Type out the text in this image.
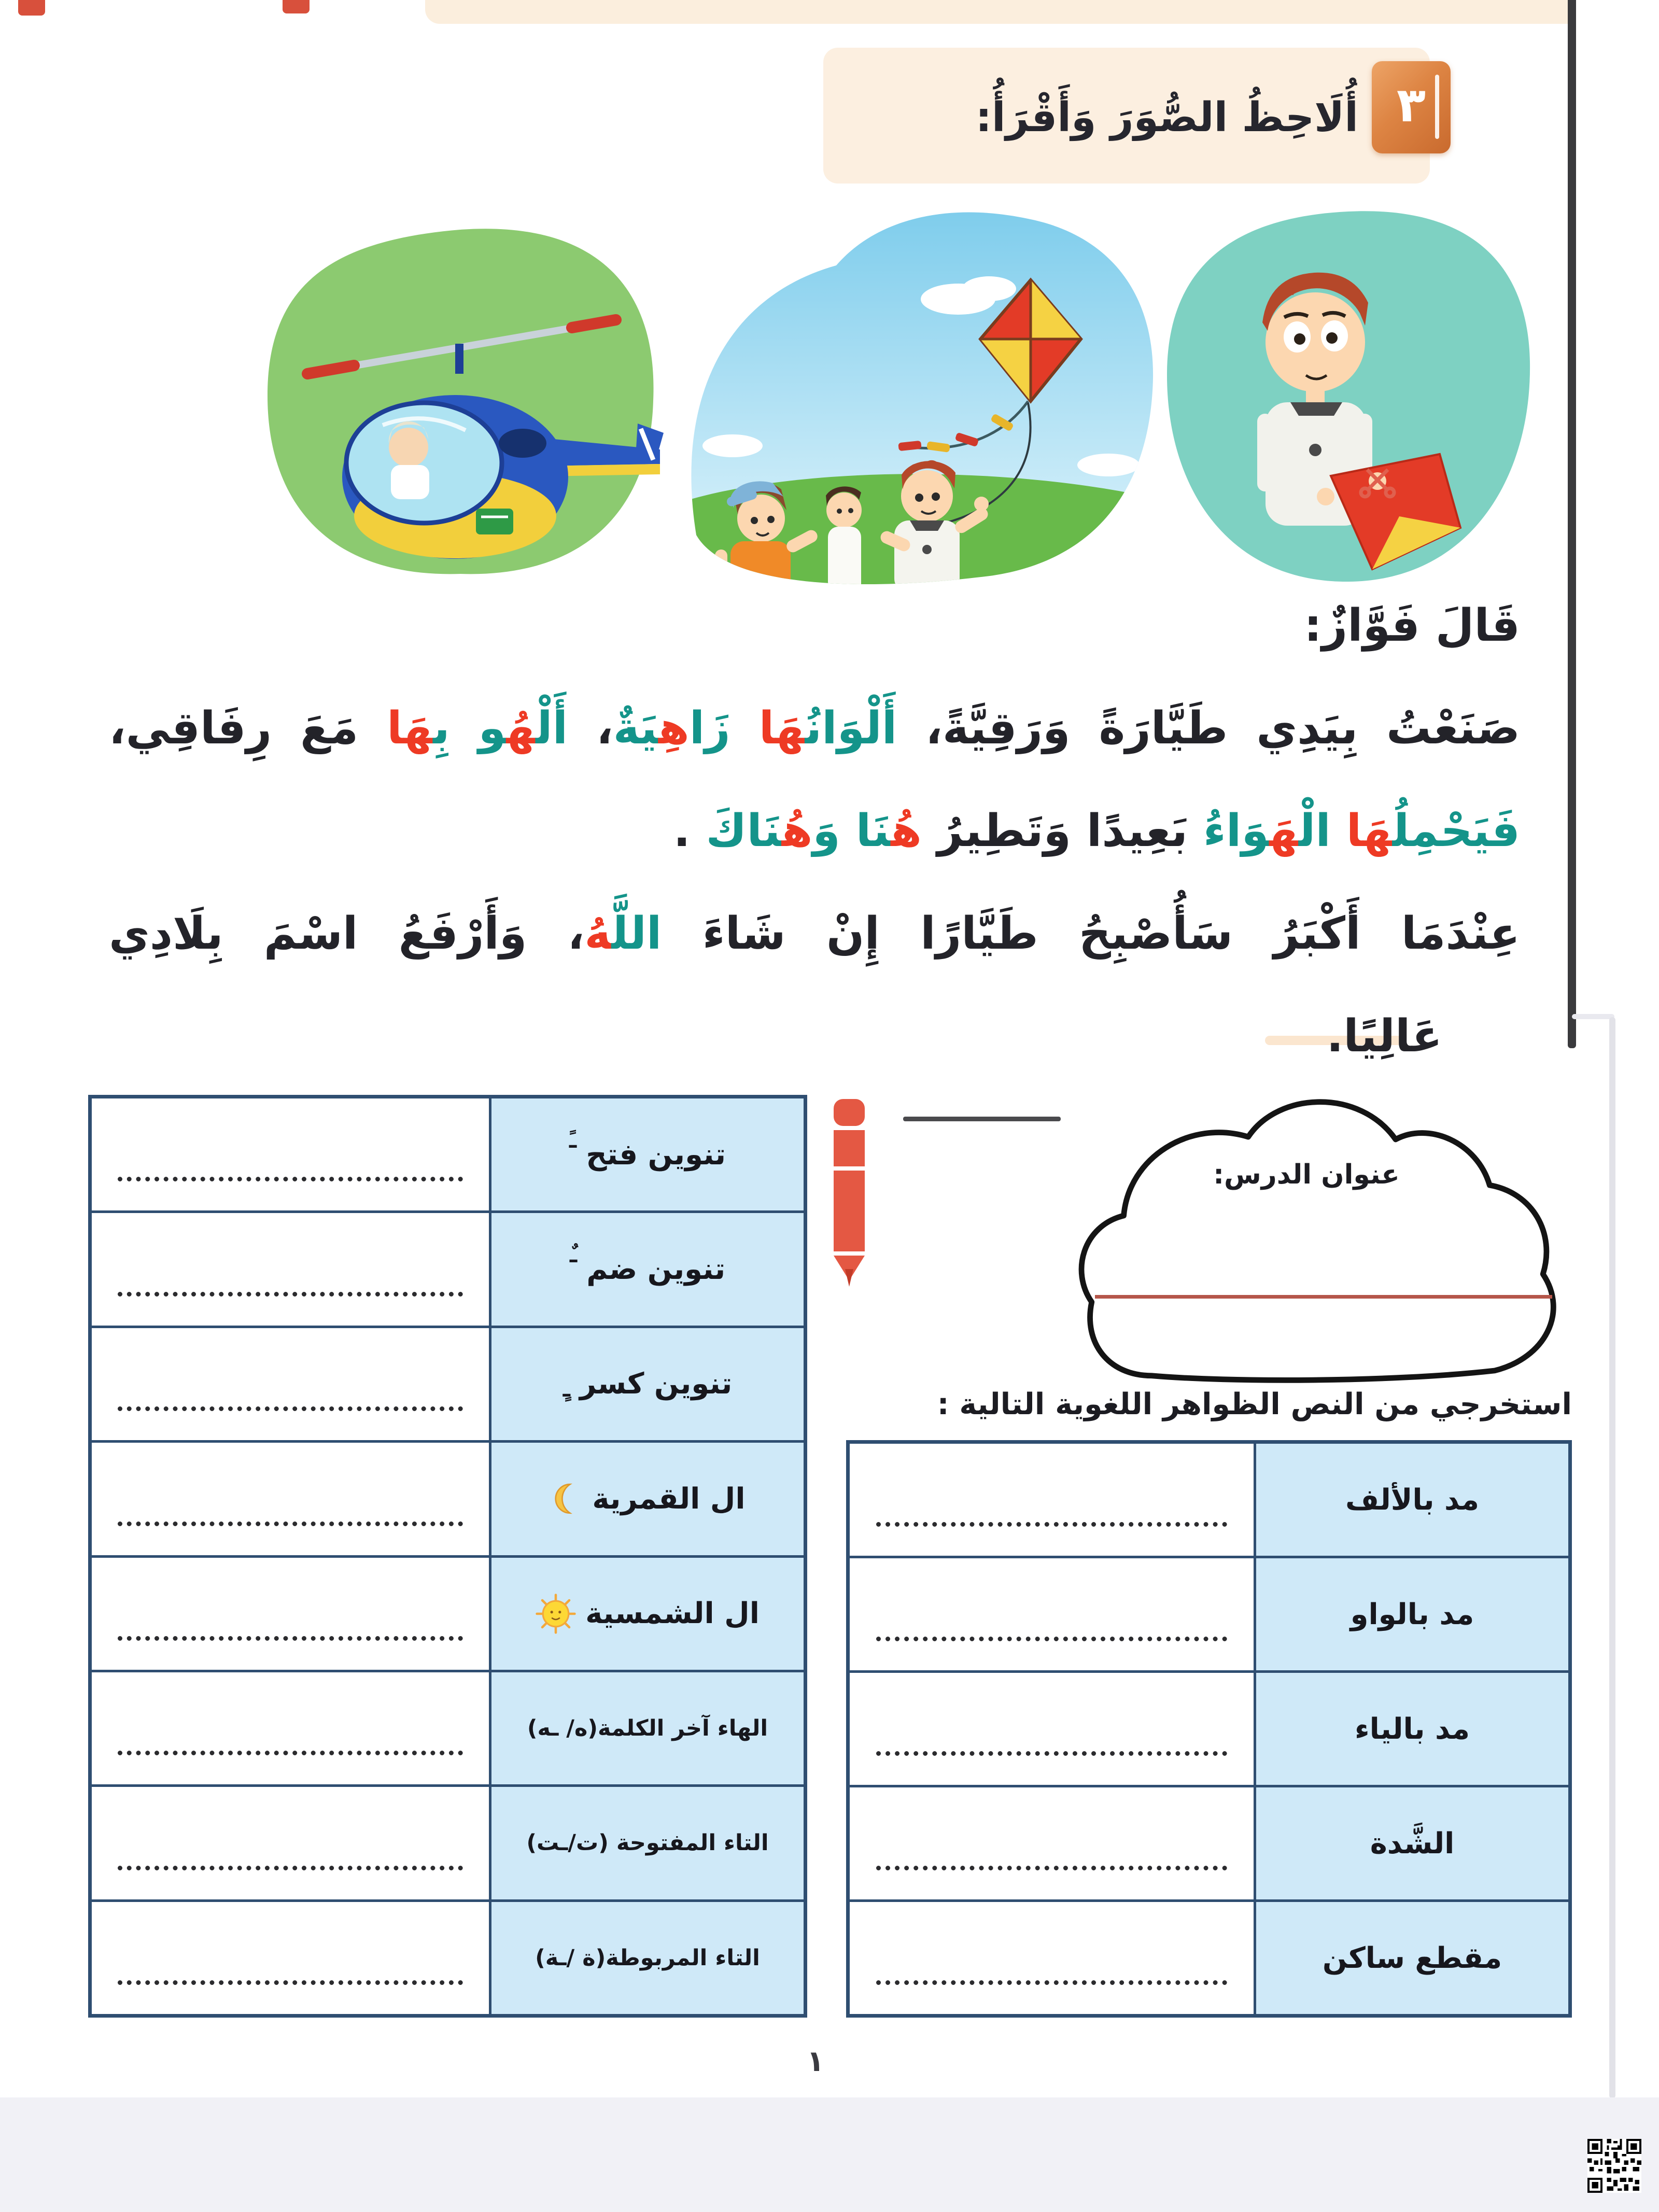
أُلَاحِظُ الصُّوَرَ وَأَقْرَأُ: ٣
قَالَ فَوَّازٌ:
صَنَعْتُ بِيَدِي طَيَّارَةً وَرَقِيَّةً، أَلْوَانُ‍‍هَا زَاهِ‍‍يَةٌ، أَلْ‍‍هُ‍‍و بِ‍‍هَا مَعَ رِفَاقِي،
فَيَحْمِلُ‍‍هَا الْ‍‍هَ‍‍وَاءُ بَعِيدًا وَتَطِيرُ هُ‍‍نَا وَهُ‍‍نَاكَ .
عِنْدَمَا أَكْبَرُ سَأُصْبِحُ طَيَّارًا إِنْ شَاءَ اللَّ‍‍هُ، وَأَرْفَعُ اسْمَ بِلَادِي
عَالِيًا.
عنوان الدرس:
استخرجي من النص الظواهر اللغوية التالية :
تنوين فتح
ـً
تنوين ضم
ـٌ
تنوين كسر
ـٍ
ال القمرية
ال الشمسية
الهاء آخر الكلمة(ه/ ـه)
التاء المفتوحة (ت/ـت)
التاء المربوطة(ة /ـة)
مد بالألف
مد بالواو
مد بالياء
الشَّدة
مقطع ساكن
١
